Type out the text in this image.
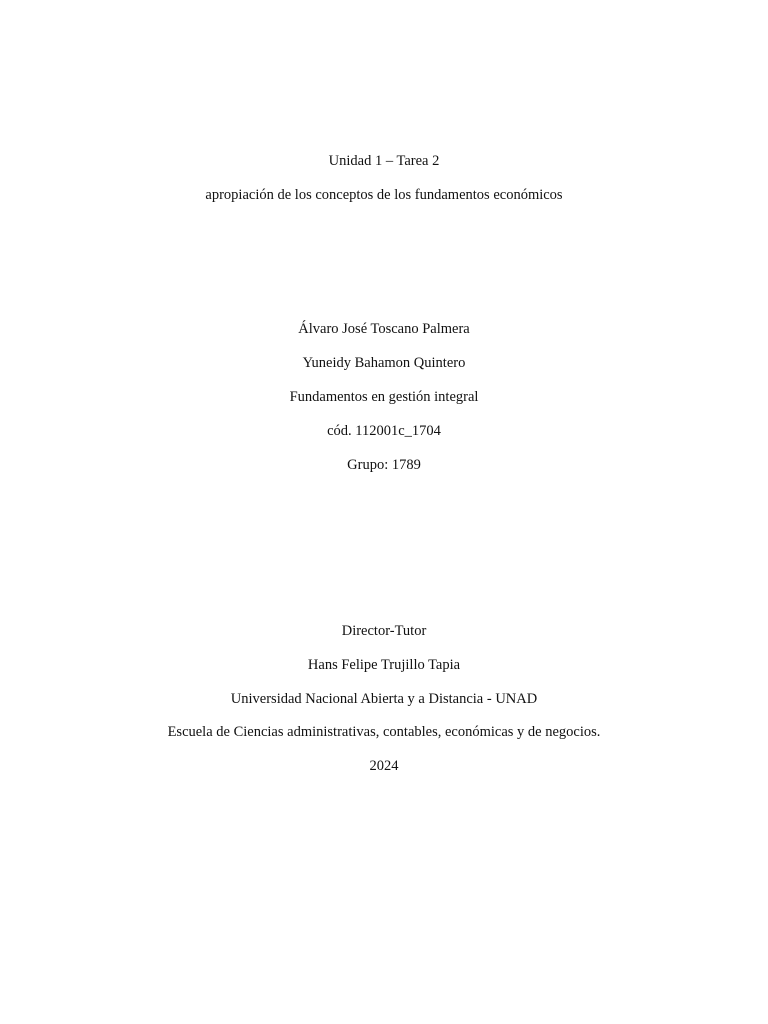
Unidad 1 – Tarea 2
apropiación de los conceptos de los fundamentos económicos
Álvaro José Toscano Palmera
Yuneidy Bahamon Quintero
Fundamentos en gestión integral
cód. 112001c_1704
Grupo: 1789
Director-Tutor
Hans Felipe Trujillo Tapia
Universidad Nacional Abierta y a Distancia - UNAD
Escuela de Ciencias administrativas, contables, económicas y de negocios.
2024
